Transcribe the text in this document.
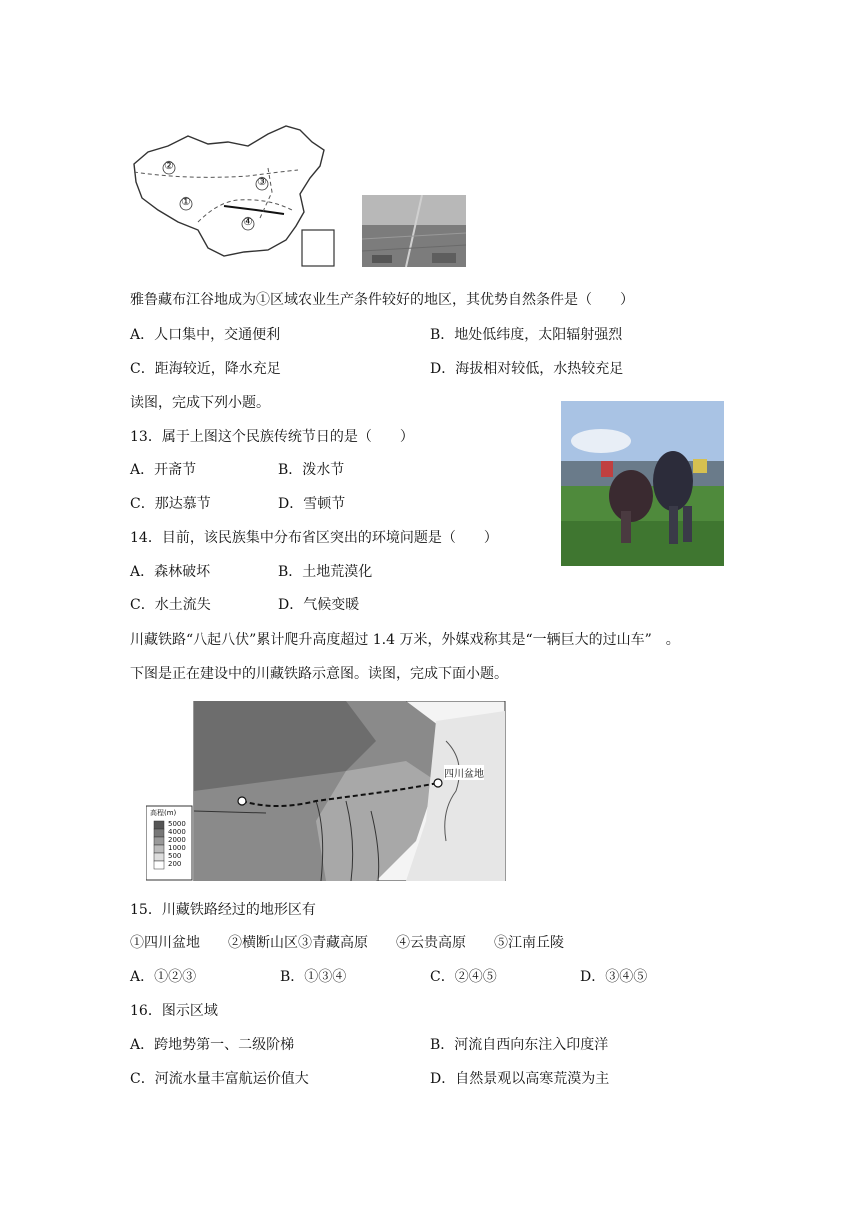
①
②
③
④
雅鲁藏布江谷地成为①区域农业生产条件较好的地区，其优势自然条件是（　　）
A．人口集中，交通便利	B．地处低纬度，太阳辐射强烈
C．距海较近，降水充足	D．海拔相对较低，水热较充足
读图，完成下列小题。
13．属于上图这个民族传统节日的是（　　）
A．开斋节	B．泼水节
C．那达慕节	D．雪顿节
14．目前，该民族集中分布省区突出的环境问题是（　　）
A．森林破坏	B．土地荒漠化
C．水土流失	D．气候变暖
川藏铁路“八起八伏”累计爬升高度超过 1.4 万米，外媒戏称其是“一辆巨大的过山车”　。
下图是正在建设中的川藏铁路示意图。读图，完成下面小题。
四川盆地
高程(m)
5000
4000
2000
1000
500
200
15．川藏铁路经过的地形区有
①四川盆地　　②横断山区③青藏高原　　④云贵高原　　⑤江南丘陵
A．①②③	B．①③④	C．②④⑤	D．③④⑤
16．图示区域
A．跨地势第一、二级阶梯	B．河流自西向东注入印度洋
C．河流水量丰富航运价值大	D．自然景观以高寒荒漠为主
